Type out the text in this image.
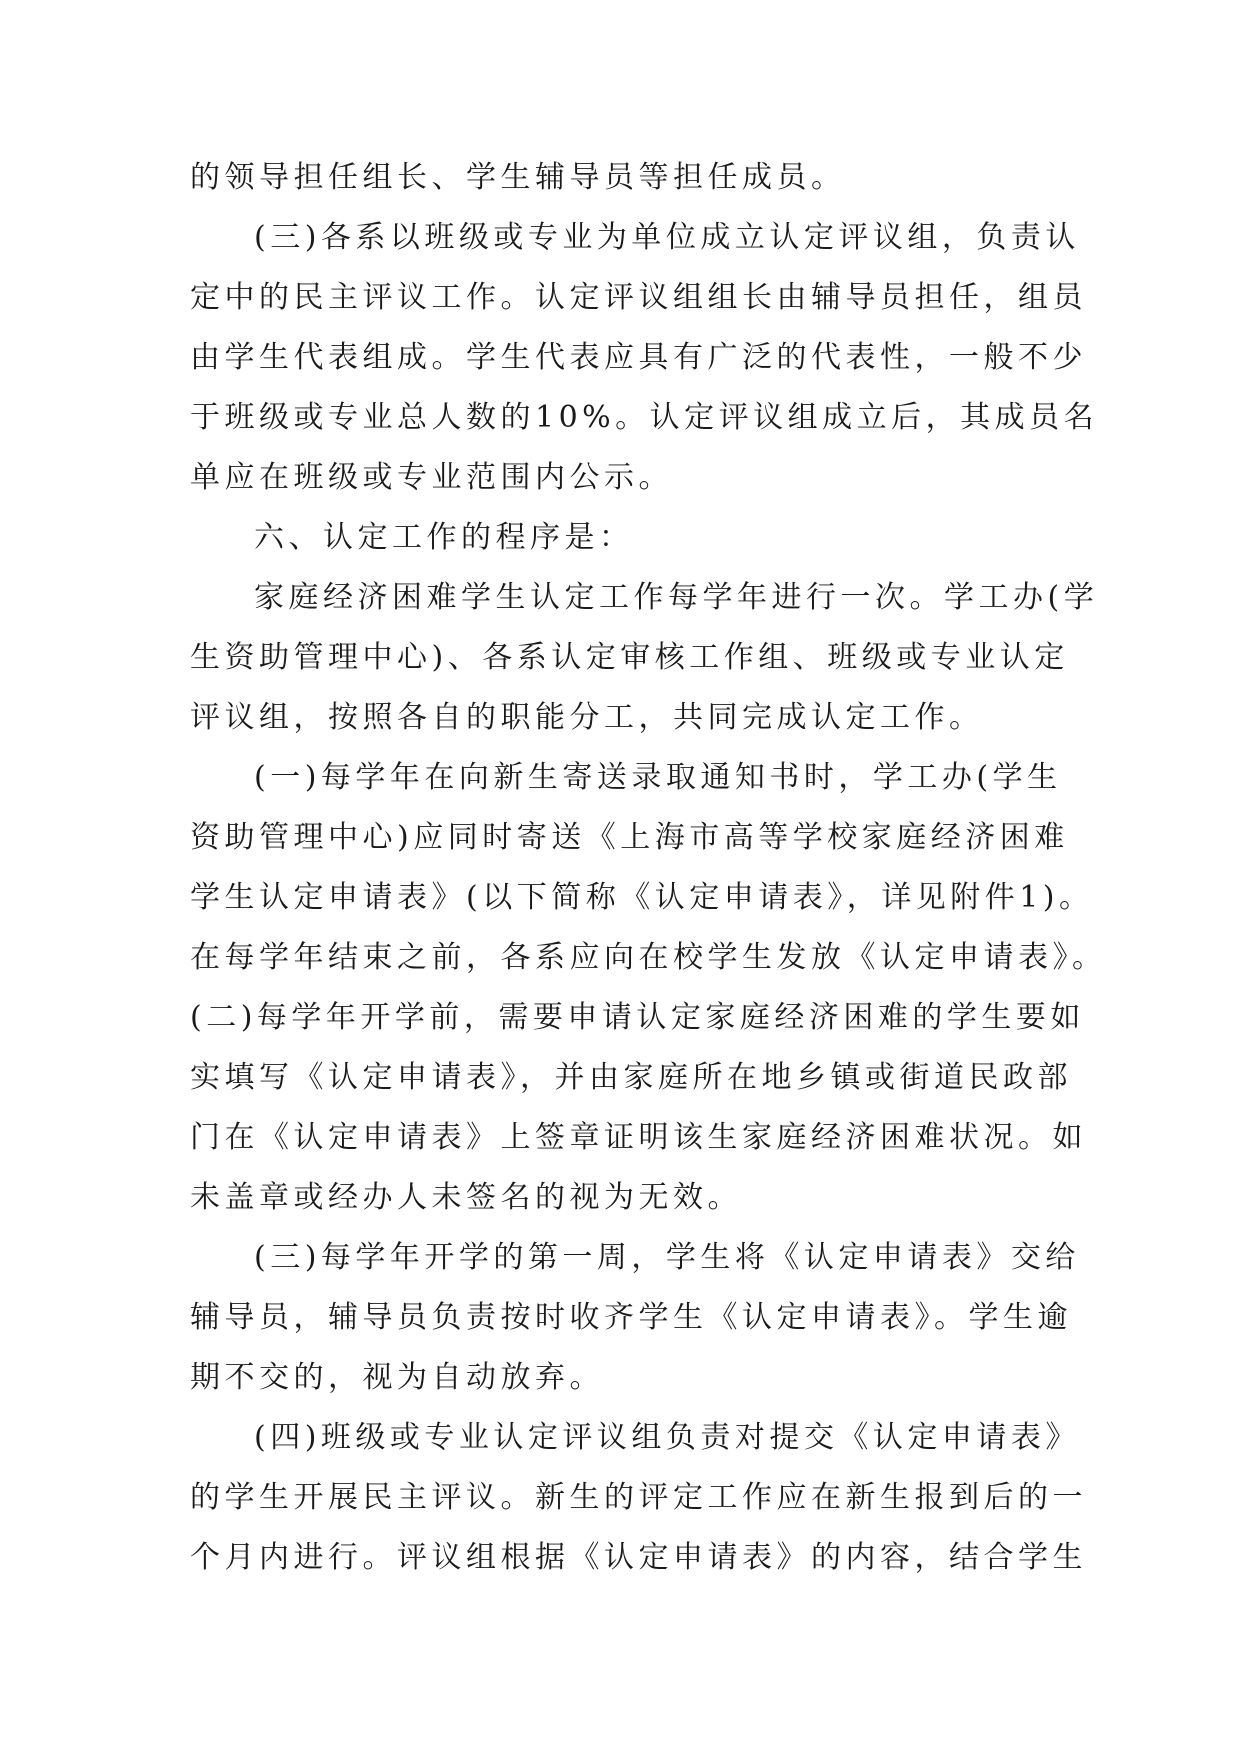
的领导担任组长、学生辅导员等担任成员。
(三)各系以班级或专业为单位成立认定评议组，负责认
定中的民主评议工作。认定评议组组长由辅导员担任，组员
由学生代表组成。学生代表应具有广泛的代表性，一般不少
于班级或专业总人数的10%。认定评议组成立后，其成员名
单应在班级或专业范围内公示。
六、认定工作的程序是：
家庭经济困难学生认定工作每学年进行一次。学工办(学
生资助管理中心)、各系认定审核工作组、班级或专业认定
评议组，按照各自的职能分工，共同完成认定工作。
(一)每学年在向新生寄送录取通知书时，学工办(学生
资助管理中心)应同时寄送《上海市高等学校家庭经济困难
学生认定申请表》(以下简称《认定申请表》，详见附件1)。
在每学年结束之前，各系应向在校学生发放《认定申请表》。
(二)每学年开学前，需要申请认定家庭经济困难的学生要如
实填写《认定申请表》，并由家庭所在地乡镇或街道民政部
门在《认定申请表》上签章证明该生家庭经济困难状况。如
未盖章或经办人未签名的视为无效。
(三)每学年开学的第一周，学生将《认定申请表》交给
辅导员，辅导员负责按时收齐学生《认定申请表》。学生逾
期不交的，视为自动放弃。
(四)班级或专业认定评议组负责对提交《认定申请表》
的学生开展民主评议。新生的评定工作应在新生报到后的一
个月内进行。评议组根据《认定申请表》的内容，结合学生
